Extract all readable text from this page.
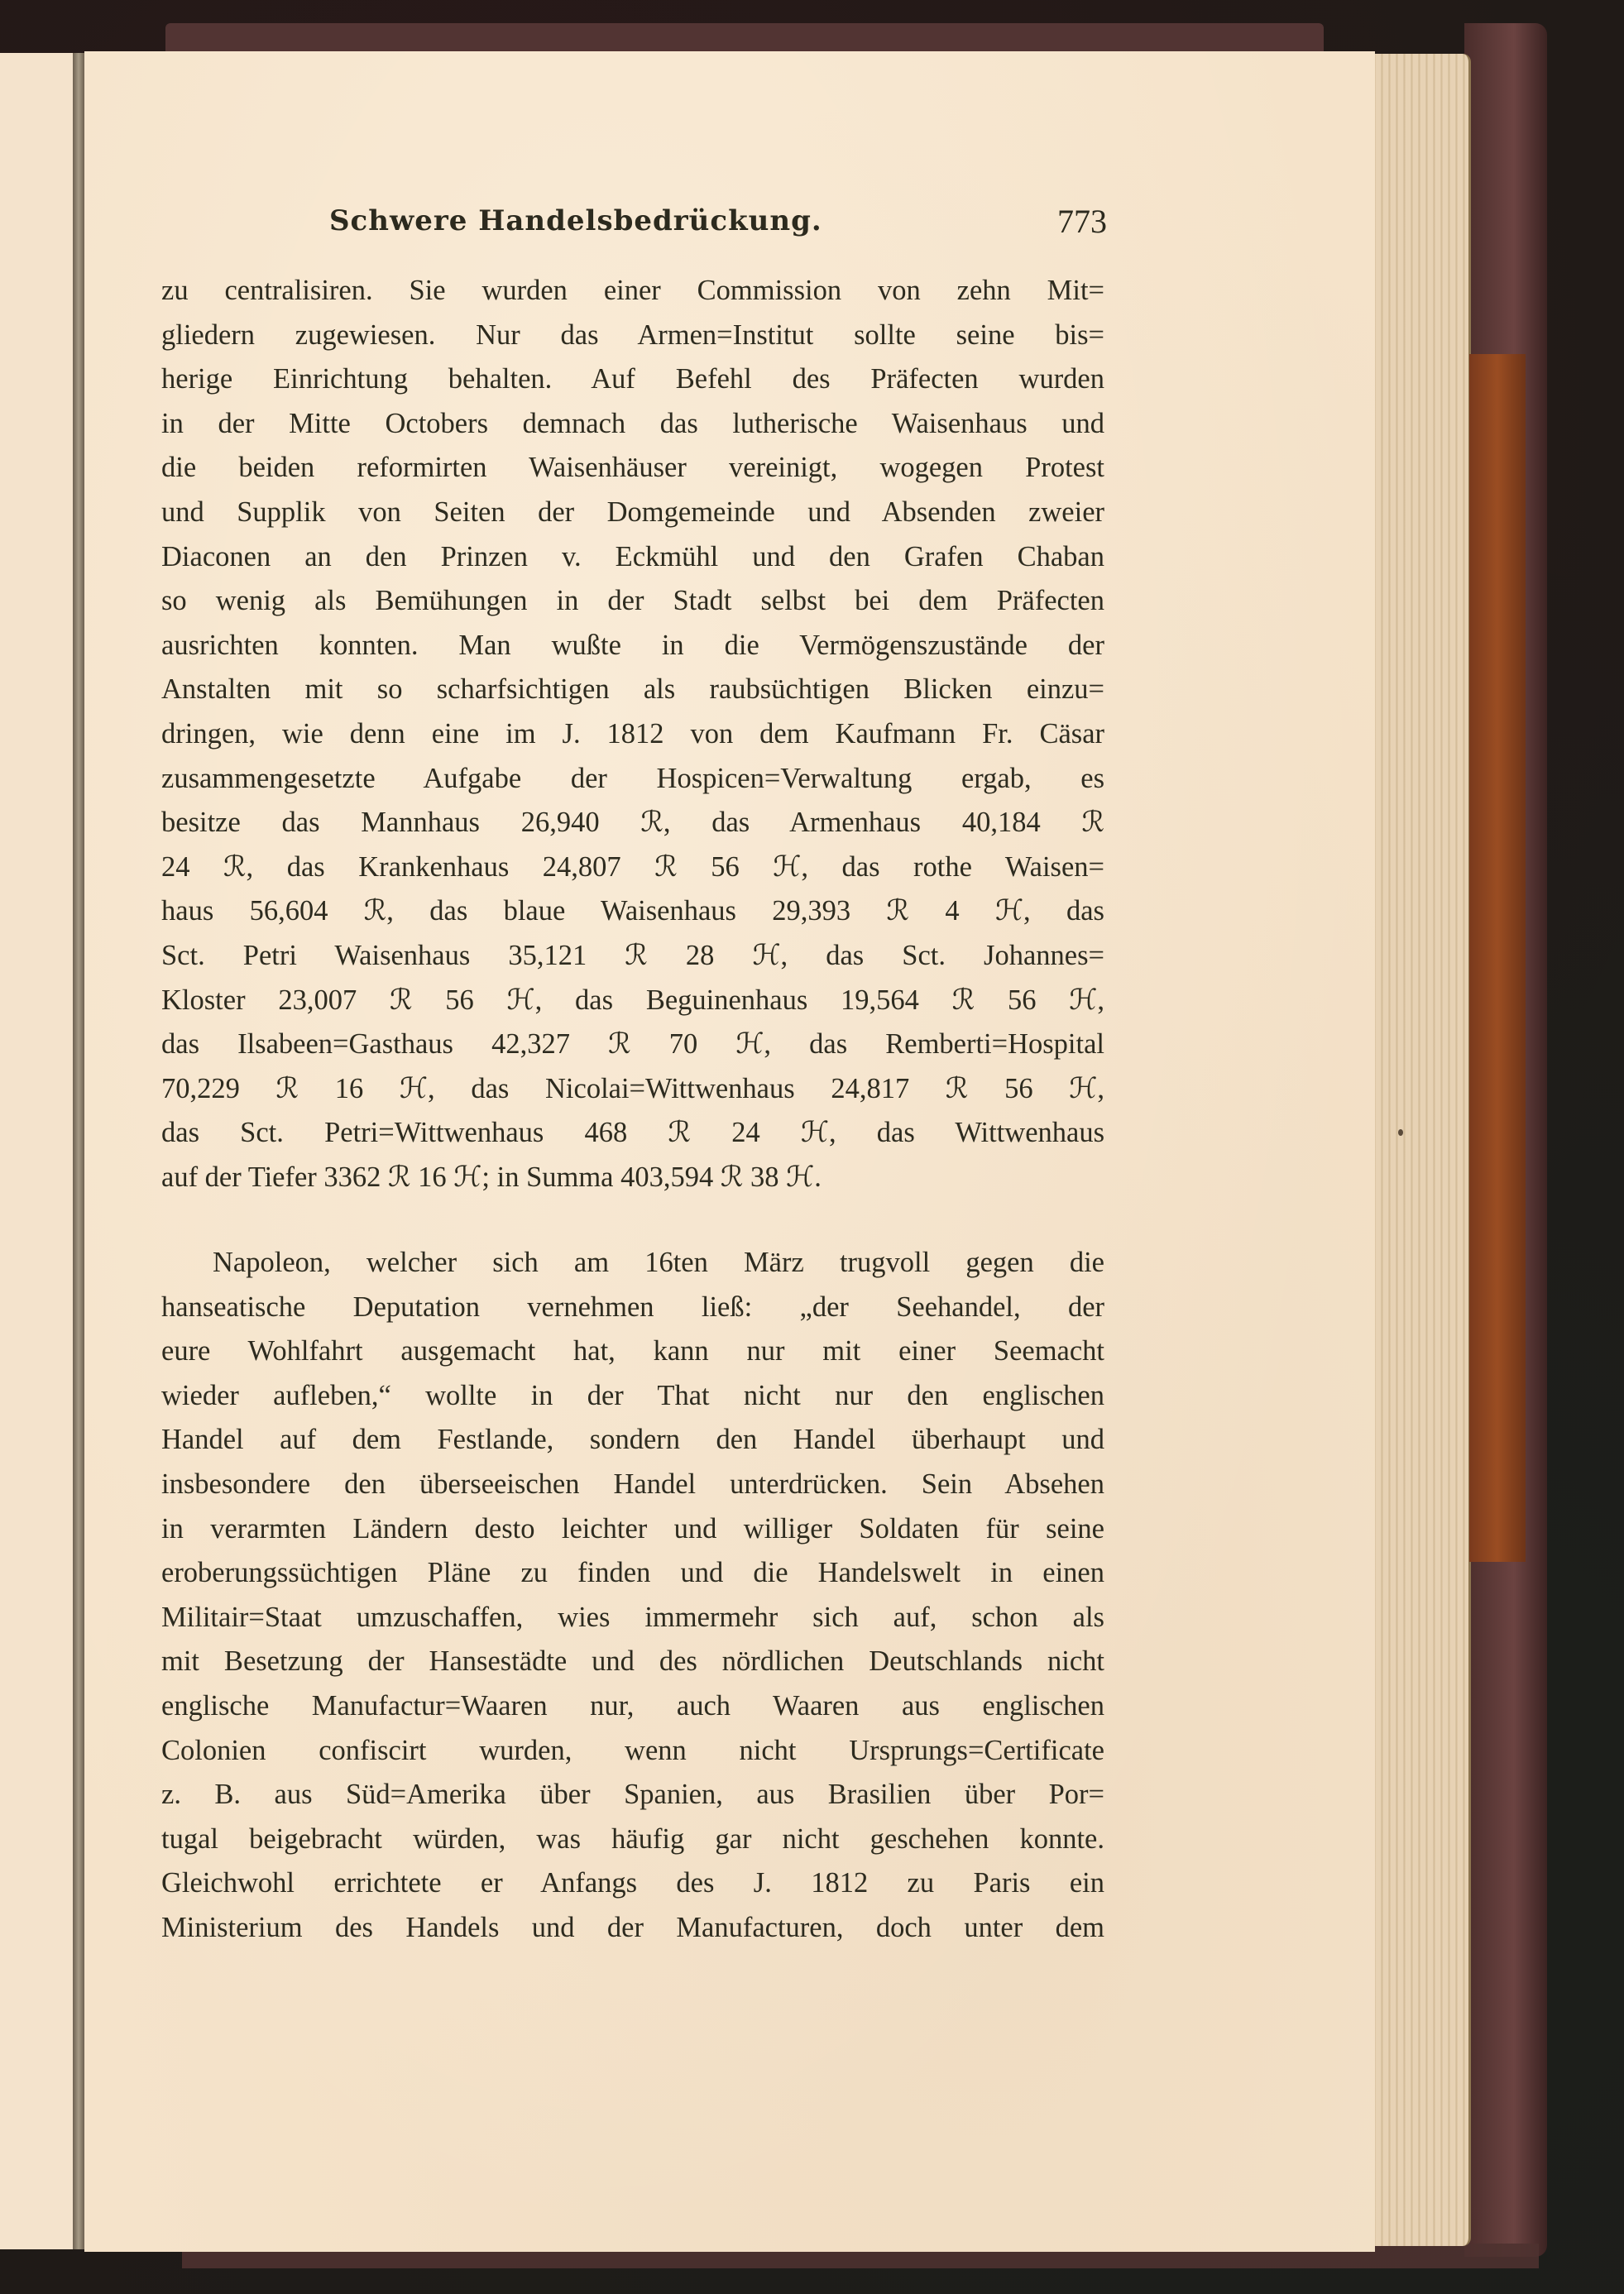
Schwere Handelsbedrückung.	773
zu centralisiren. Sie wurden einer Commission von zehn Mit=
gliedern zugewiesen. Nur das Armen=Institut sollte seine bis=
herige Einrichtung behalten. Auf Befehl des Präfecten wurden
in der Mitte Octobers demnach das lutherische Waisenhaus und
die beiden reformirten Waisenhäuser vereinigt, wogegen Protest
und Supplik von Seiten der Domgemeinde und Absenden zweier
Diaconen an den Prinzen v. Eckmühl und den Grafen Chaban
so wenig als Bemühungen in der Stadt selbst bei dem Präfecten
ausrichten konnten. Man wußte in die Vermögenszustände der
Anstalten mit so scharfsichtigen als raubsüchtigen Blicken einzu=
dringen, wie denn eine im J. 1812 von dem Kaufmann Fr. Cäsar
zusammengesetzte Aufgabe der Hospicen=Verwaltung ergab, es
besitze das Mannhaus 26,940 ℛ, das Armenhaus 40,184 ℛ
24 ℛ, das Krankenhaus 24,807 ℛ 56 ℋ, das rothe Waisen=
haus 56,604 ℛ, das blaue Waisenhaus 29,393 ℛ 4 ℋ, das
Sct. Petri Waisenhaus 35,121 ℛ 28 ℋ, das Sct. Johannes=
Kloster 23,007 ℛ 56 ℋ, das Beguinenhaus 19,564 ℛ 56 ℋ,
das Ilsabeen=Gasthaus 42,327 ℛ 70 ℋ, das Remberti=Hospital
70,229 ℛ 16 ℋ, das Nicolai=Wittwenhaus 24,817 ℛ 56 ℋ,
das Sct. Petri=Wittwenhaus 468 ℛ 24 ℋ, das Wittwenhaus
auf der Tiefer 3362 ℛ 16 ℋ; in Summa 403,594 ℛ 38 ℋ.
Napoleon, welcher sich am 16ten März trugvoll gegen die
hanseatische Deputation vernehmen ließ: „der Seehandel, der
eure Wohlfahrt ausgemacht hat, kann nur mit einer Seemacht
wieder aufleben,“ wollte in der That nicht nur den englischen
Handel auf dem Festlande, sondern den Handel überhaupt und
insbesondere den überseeischen Handel unterdrücken. Sein Absehen
in verarmten Ländern desto leichter und williger Soldaten für seine
eroberungssüchtigen Pläne zu finden und die Handelswelt in einen
Militair=Staat umzuschaffen, wies immermehr sich auf, schon als
mit Besetzung der Hansestädte und des nördlichen Deutschlands nicht
englische Manufactur=Waaren nur, auch Waaren aus englischen
Colonien confiscirt wurden, wenn nicht Ursprungs=Certificate
z. B. aus Süd=Amerika über Spanien, aus Brasilien über Por=
tugal beigebracht würden, was häufig gar nicht geschehen konnte.
Gleichwohl errichtete er Anfangs des J. 1812 zu Paris ein
Ministerium des Handels und der Manufacturen, doch unter dem
